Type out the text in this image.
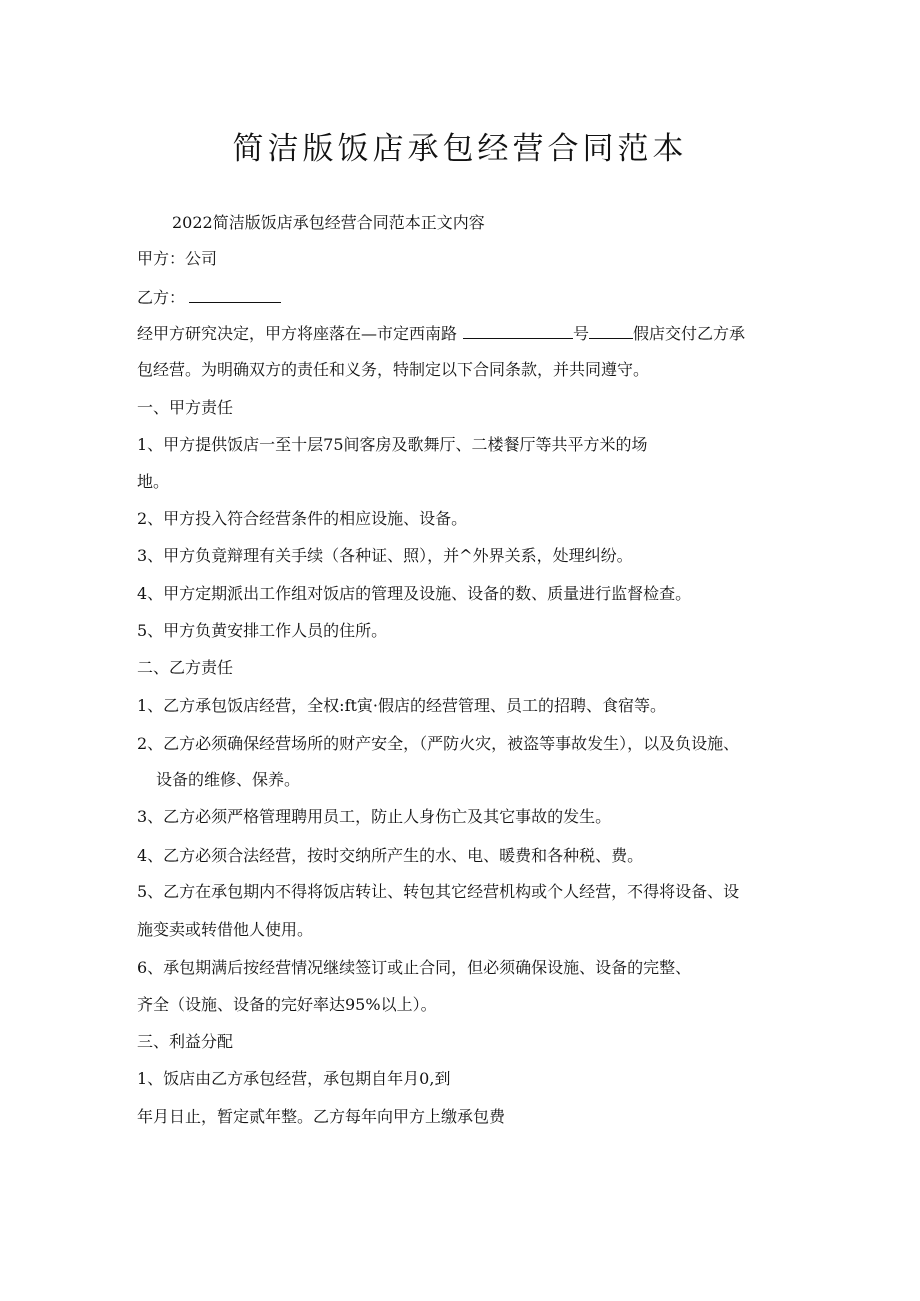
简洁版饭店承包经营合同范本
2022简洁版饭店承包经营合同范本正文内容
甲方：公司
乙方：
经甲方研究决定，甲方将座落在—市定西南路	号	假店交付乙方承
包经营。为明确双方的责任和义务，特制定以下合同条款，并共同遵守。
一、甲方责任
1、甲方提供饭店一至十层75间客房及歌舞厅、二楼餐厅等共平方米的场
地。
2、甲方投入符合经营条件的相应设施、设备。
3、甲方负竟辩理有关手续（各种证、照），并^外界关系，处理纠纷。
4、甲方定期派出工作组对饭店的管理及设施、设备的数、质量进行监督检查。
5、甲方负黄安排工作人员的住所。
二、乙方责任
1、乙方承包饭店经营，全权:ft寅·假店的经营管理、员工的招聘、食宿等。
2、乙方必须确保经营场所的财产安全，（严防火灾，被盗等事故发生），以及负设施、
设备的维修、保养。
3、乙方必须严格管理聘用员工，防止人身伤亡及其它事故的发生。
4、乙方必须合法经营，按时交纳所产生的水、电、暖费和各种税、费。
5、乙方在承包期内不得将饭店转让、转包其它经营机构或个人经营，不得将设备、设
施变卖或转借他人使用。
6、承包期满后按经营情况继续签订或止合同，但必须确保设施、设备的完整、
齐全（设施、设备的完好率达95%以上）。
三、利益分配
1、饭店由乙方承包经营，承包期自年月0,到
年月日止，暂定贰年整。乙方每年向甲方上缴承包费
